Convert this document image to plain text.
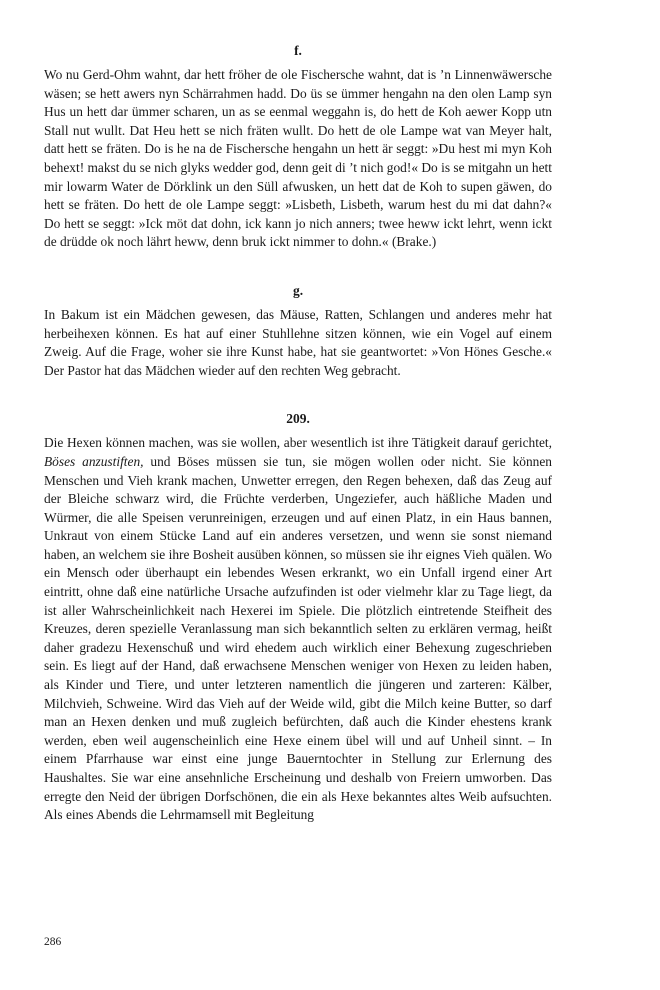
f.

Wo nu Gerd-Ohm wahnt, dar hett fröher de ole Fischersche wahnt, dat is ’n Linnenwäwersche wäsen; se hett awers nyn Schärrahmen hadd. Do üs se ümmer hengahn na den olen Lamp syn Hus un hett dar ümmer scharen, un as se eenmal weggahn is, do hett de Koh aewer Kopp utn Stall nut wullt. Dat Heu hett se nich fräten wullt. Do hett de ole Lampe wat van Meyer halt, datt hett se fräten. Do is he na de Fischersche hengahn un hett är seggt: »Du hest mi myn Koh behext! makst du se nich glyks wedder god, denn geit di ’t nich god!« Do is se mitgahn un hett mir lowarm Water de Dörklink un den Süll afwusken, un hett dat de Koh to supen gäwen, do hett se fräten. Do hett de ole Lampe seggt: »Lisbeth, Lisbeth, warum hest du mi dat dahn?« Do hett se seggt: »Ick möt dat dohn, ick kann jo nich anners; twee heww ickt lehrt, wenn ickt de drüdde ok noch lährt heww, denn bruk ickt nimmer to dohn.« (Brake.)

g.

In Bakum ist ein Mädchen gewesen, das Mäuse, Ratten, Schlangen und anderes mehr hat herbeihexen können. Es hat auf einer Stuhllehne sitzen können, wie ein Vogel auf einem Zweig. Auf die Frage, woher sie ihre Kunst habe, hat sie geantwortet: »Von Hönes Gesche.« Der Pastor hat das Mädchen wieder auf den rechten Weg gebracht.

209.

Die Hexen können machen, was sie wollen, aber wesentlich ist ihre Tätigkeit darauf gerichtet, Böses anzustiften, und Böses müssen sie tun, sie mögen wollen oder nicht. Sie können Menschen und Vieh krank machen, Unwetter erregen, den Regen behexen, daß das Zeug auf der Bleiche schwarz wird, die Früchte verderben, Ungeziefer, auch häßliche Maden und Würmer, die alle Speisen verunreinigen, erzeugen und auf einen Platz, in ein Haus bannen, Unkraut von einem Stücke Land auf ein anderes versetzen, und wenn sie sonst niemand haben, an welchem sie ihre Bosheit ausüben können, so müssen sie ihr eignes Vieh quälen. Wo ein Mensch oder überhaupt ein lebendes Wesen erkrankt, wo ein Unfall irgend einer Art eintritt, ohne daß eine natürliche Ursache aufzufinden ist oder vielmehr klar zu Tage liegt, da ist aller Wahrscheinlichkeit nach Hexerei im Spiele. Die plötzlich eintretende Steifheit des Kreuzes, deren spezielle Veranlassung man sich bekanntlich selten zu erklären vermag, heißt daher gradezu Hexenschuß und wird ehedem auch wirklich einer Behexung zugeschrieben sein. Es liegt auf der Hand, daß erwachsene Menschen weniger von Hexen zu leiden haben, als Kinder und Tiere, und unter letzteren namentlich die jüngeren und zarteren: Kälber, Milchvieh, Schweine. Wird das Vieh auf der Weide wild, gibt die Milch keine Butter, so darf man an Hexen denken und muß zugleich befürchten, daß auch die Kinder ehestens krank werden, eben weil augenscheinlich eine Hexe einem übel will und auf Unheil sinnt. – In einem Pfarrhause war einst eine junge Bauerntochter in Stellung zur Erlernung des Haushaltes. Sie war eine ansehnliche Erscheinung und deshalb von Freiern umworben. Das erregte den Neid der übrigen Dorfschönen, die ein als Hexe bekanntes altes Weib aufsuchten. Als eines Abends die Lehrmamsell mit Begleitung

286
